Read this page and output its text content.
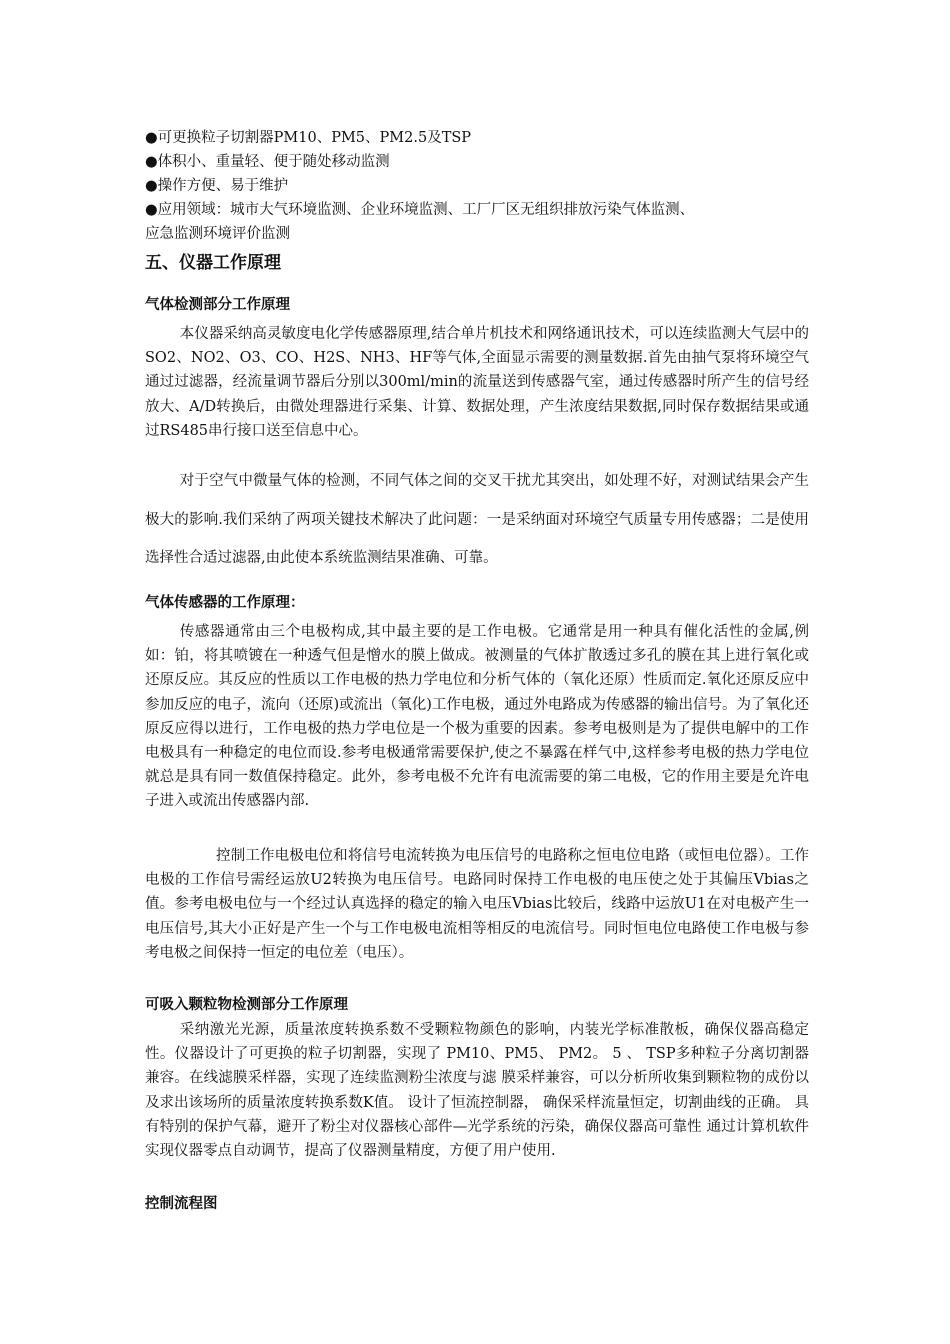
●可更换粒子切割器PM10、PM5、PM2.5及TSP
●体积小、重量轻、便于随处移动监测
●操作方便、易于维护
●应用领域：城市大气环境监测、企业环境监测、工厂厂区无组织排放污染气体监测、
应急监测环境评价监测
五、仪器工作原理
气体检测部分工作原理

本仪器采纳高灵敏度电化学传感器原理,结合单片机技术和网络通讯技术，可以连续监测大气层中的SO2、NO2、O3、CO、H2S、NH3、HF等气体,全面显示需要的测量数据.首先由抽气泵将环境空气通过过滤器，经流量调节器后分别以300ml/min的流量送到传感器气室，通过传感器时所产生的信号经放大、A/D转换后，由微处理器进行采集、计算、数据处理，产生浓度结果数据,同时保存数据结果或通过RS485串行接口送至信息中心。

对于空气中微量气体的检测，不同气体之间的交叉干扰尤其突出，如处理不好，对测试结果会产生极大的影响.我们采纳了两项关键技术解决了此问题：一是采纳面对环境空气质量专用传感器；二是使用选择性合适过滤器,由此使本系统监测结果准确、可靠。

气体传感器的工作原理：

传感器通常由三个电极构成,其中最主要的是工作电极。它通常是用一种具有催化活性的金属,例如：铂，将其喷镀在一种透气但是憎水的膜上做成。被测量的气体扩散透过多孔的膜在其上进行氧化或还原反应。其反应的性质以工作电极的热力学电位和分析气体的（氧化还原）性质而定.氧化还原反应中参加反应的电子，流向（还原)或流出（氧化)工作电极，通过外电路成为传感器的输出信号。为了氧化还原反应得以进行，工作电极的热力学电位是一个极为重要的因素。参考电极则是为了提供电解中的工作电极具有一种稳定的电位而设.参考电极通常需要保护,使之不暴露在样气中,这样参考电极的热力学电位就总是具有同一数值保持稳定。此外，参考电极不允许有电流需要的第二电极，它的作用主要是允许电子进入或流出传感器内部.

控制工作电极电位和将信号电流转换为电压信号的电路称之恒电位电路（或恒电位器）。工作电极的工作信号需经运放U2转换为电压信号。电路同时保持工作电极的电压使之处于其偏压Vbias之值。参考电极电位与一个经过认真选择的稳定的输入电压Vbias比较后，线路中运放U1在对电极产生一电压信号,其大小正好是产生一个与工作电极电流相等相反的电流信号。同时恒电位电路使工作电极与参考电极之间保持一恒定的电位差（电压）。

可吸入颗粒物检测部分工作原理

采纳激光光源，质量浓度转换系数不受颗粒物颜色的影响，内装光学标准散板，确保仪器高稳定性。仪器设计了可更换的粒子切割器，实现了 PM10、PM5、 PM2。 5 、 TSP多种粒子分离切割器 兼容。在线滤膜采样器，实现了连续监测粉尘浓度与滤 膜采样兼容，可以分析所收集到颗粒物的成份以及求出该场所的质量浓度转换系数K值。 设计了恒流控制器， 确保采样流量恒定，切割曲线的正确。 具有特别的保护气幕，避开了粉尘对仪器核心部件—光学系统的污染，确保仪器高可靠性 通过计算机软件实现仪器零点自动调节，提高了仪器测量精度，方便了用户使用.

控制流程图
